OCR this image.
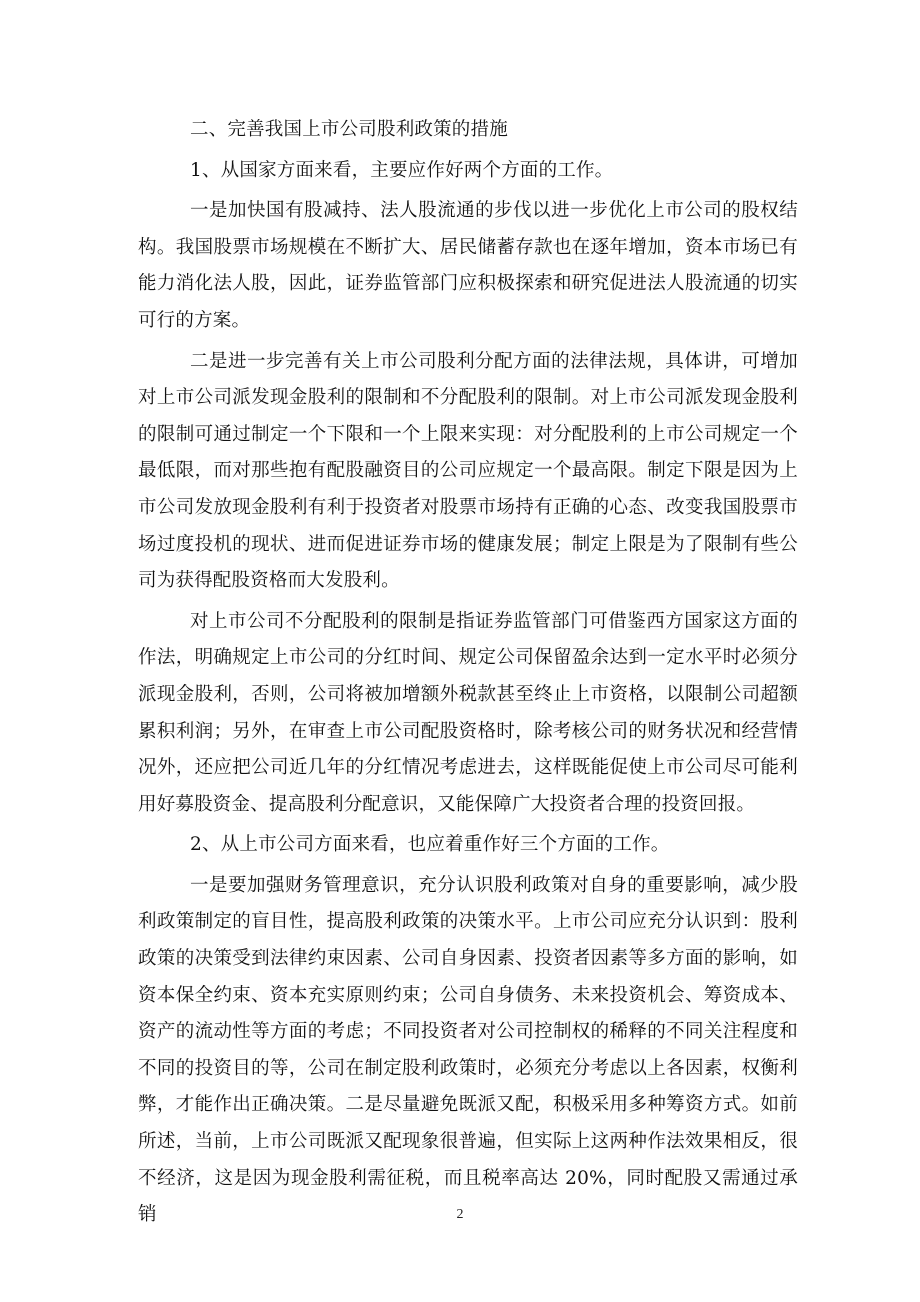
二、完善我国上市公司股利政策的措施

1、从国家方面来看，主要应作好两个方面的工作。

一是加快国有股减持、法人股流通的步伐以进一步优化上市公司的股权结构。我国股票市场规模在不断扩大、居民储蓄存款也在逐年增加，资本市场已有能力消化法人股，因此，证券监管部门应积极探索和研究促进法人股流通的切实可行的方案。

二是进一步完善有关上市公司股利分配方面的法律法规，具体讲，可增加对上市公司派发现金股利的限制和不分配股利的限制。对上市公司派发现金股利的限制可通过制定一个下限和一个上限来实现：对分配股利的上市公司规定一个最低限，而对那些抱有配股融资目的公司应规定一个最高限。制定下限是因为上市公司发放现金股利有利于投资者对股票市场持有正确的心态、改变我国股票市场过度投机的现状、进而促进证券市场的健康发展；制定上限是为了限制有些公司为获得配股资格而大发股利。

对上市公司不分配股利的限制是指证券监管部门可借鉴西方国家这方面的作法，明确规定上市公司的分红时间、规定公司保留盈余达到一定水平时必须分派现金股利，否则，公司将被加增额外税款甚至终止上市资格，以限制公司超额累积利润；另外，在审查上市公司配股资格时，除考核公司的财务状况和经营情况外，还应把公司近几年的分红情况考虑进去，这样既能促使上市公司尽可能利用好募股资金、提高股利分配意识，又能保障广大投资者合理的投资回报。

2、从上市公司方面来看，也应着重作好三个方面的工作。

一是要加强财务管理意识，充分认识股利政策对自身的重要影响，减少股利政策制定的盲目性，提高股利政策的决策水平。上市公司应充分认识到：股利政策的决策受到法律约束因素、公司自身因素、投资者因素等多方面的影响，如资本保全约束、资本充实原则约束；公司自身债务、未来投资机会、筹资成本、资产的流动性等方面的考虑；不同投资者对公司控制权的稀释的不同关注程度和不同的投资目的等，公司在制定股利政策时，必须充分考虑以上各因素，权衡利弊，才能作出正确决策。二是尽量避免既派又配，积极采用多种筹资方式。如前所述，当前，上市公司既派又配现象很普遍，但实际上这两种作法效果相反，很不经济，这是因为现金股利需征税，而且税率高达 20%，同时配股又需通过承销	2
